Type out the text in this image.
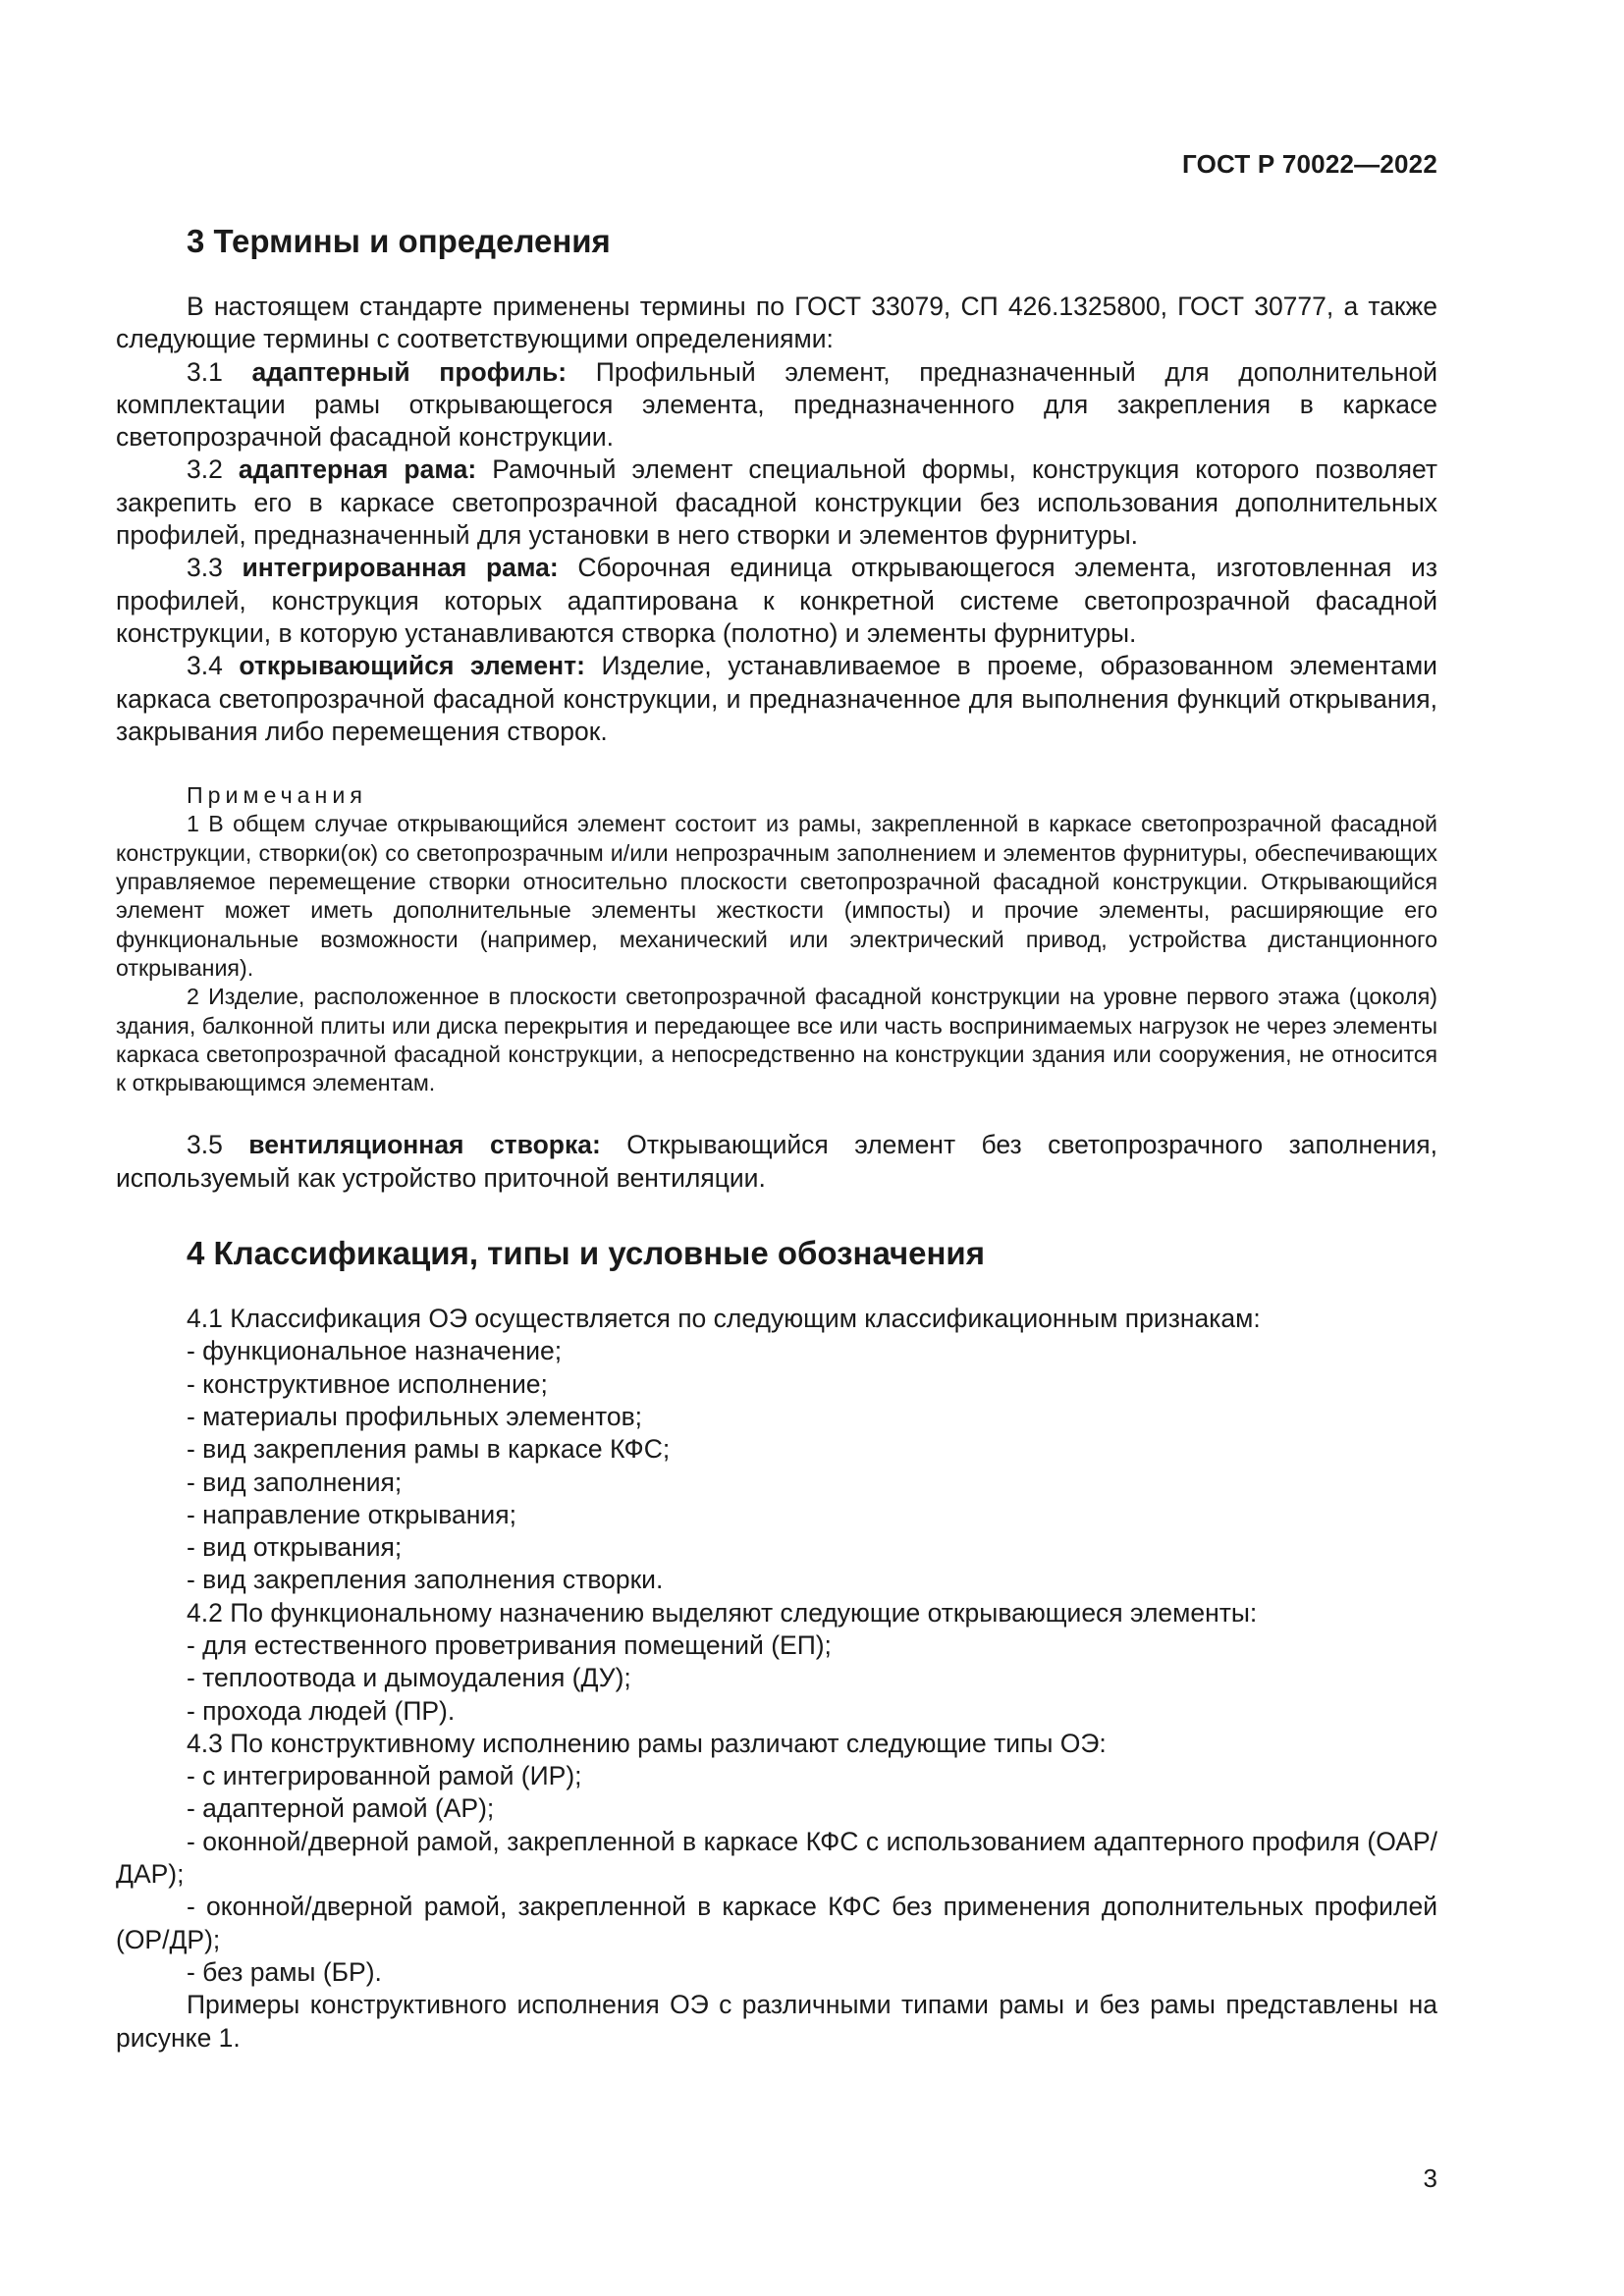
ГОСТ Р 70022—2022
3 Термины и определения

В настоящем стандарте применены термины по ГОСТ 33079, СП 426.1325800, ГОСТ 30777, а также следующие термины с соответствующими определениями:

3.1 адаптерный профиль: Профильный элемент, предназначенный для дополнительной комплектации рамы открывающегося элемента, предназначенного для закрепления в каркасе светопрозрачной фасадной конструкции.

3.2 адаптерная рама: Рамочный элемент специальной формы, конструкция которого позволяет закрепить его в каркасе светопрозрачной фасадной конструкции без использования дополнительных профилей, предназначенный для установки в него створки и элементов фурнитуры.

3.3 интегрированная рама: Сборочная единица открывающегося элемента, изготовленная из профилей, конструкция которых адаптирована к конкретной системе светопрозрачной фасадной конструкции, в которую устанавливаются створка (полотно) и элементы фурнитуры.

3.4 открывающийся элемент: Изделие, устанавливаемое в проеме, образованном элементами каркаса светопрозрачной фасадной конструкции, и предназначенное для выполнения функций открывания, закрывания либо перемещения створок.

Примечания

1 В общем случае открывающийся элемент состоит из рамы, закрепленной в каркасе светопрозрачной фасадной конструкции, створки(ок) со светопрозрачным и/или непрозрачным заполнением и элементов фурнитуры, обеспечивающих управляемое перемещение створки относительно плоскости светопрозрачной фасадной конструкции. Открывающийся элемент может иметь дополнительные элементы жесткости (импосты) и прочие элементы, расширяющие его функциональные возможности (например, механический или электрический привод, устройства дистанционного открывания).

2 Изделие, расположенное в плоскости светопрозрачной фасадной конструкции на уровне первого этажа (цоколя) здания, балконной плиты или диска перекрытия и передающее все или часть воспринимаемых нагрузок не через элементы каркаса светопрозрачной фасадной конструкции, а непосредственно на конструкции здания или сооружения, не относится к открывающимся элементам.

3.5 вентиляционная створка: Открывающийся элемент без светопрозрачного заполнения, используемый как устройство приточной вентиляции.

4 Классификация, типы и условные обозначения

4.1 Классификация ОЭ осуществляется по следующим классификационным признакам:

- функциональное назначение;
- конструктивное исполнение;
- материалы профильных элементов;
- вид закрепления рамы в каркасе КФС;
- вид заполнения;
- направление открывания;
- вид открывания;
- вид закрепления заполнения створки.

4.2 По функциональному назначению выделяют следующие открывающиеся элементы:

- для естественного проветривания помещений (ЕП);
- теплоотвода и дымоудаления (ДУ);
- прохода людей (ПР).

4.3 По конструктивному исполнению рамы различают следующие типы ОЭ:

- с интегрированной рамой (ИР);
- адаптерной рамой (АР);
- оконной/дверной рамой, закрепленной в каркасе КФС с использованием адаптерного профиля (ОАР/ДАР);
- оконной/дверной рамой, закрепленной в каркасе КФС без применения дополнительных профилей (ОР/ДР);
- без рамы (БР).

Примеры конструктивного исполнения ОЭ с различными типами рамы и без рамы представлены на рисунке 1.

3
